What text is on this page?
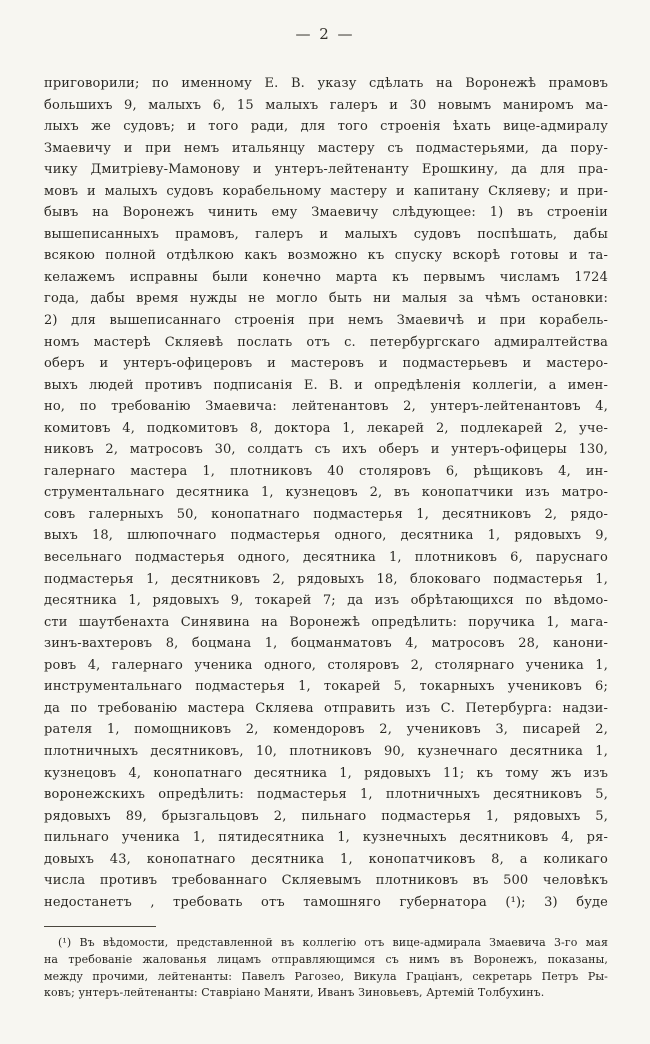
— 2 —
приговорили; по именному Е. В. указу сдѣлать на Воронежѣ прамовъ
большихъ 9, малыхъ 6, 15 малыхъ галеръ и 30 новымъ маниромъ ма-
лыхъ же судовъ; и того ради, для того строенія ѣхать вице-адмиралу
Змаевичу и при немъ итальянцу мастеру съ подмастерьями, да пору-
чику Дмитріеву-Мамонову и унтеръ-лейтенанту Ерошкину, да для пра-
мовъ и малыхъ судовъ корабельному мастеру и капитану Скляеву; и при-
бывъ на Воронежъ чинить ему Змаевичу слѣдующее: 1) въ строеніи
вышеписанныхъ прамовъ, галеръ и малыхъ судовъ поспѣшать, дабы
всякою полной отдѣлкою какъ возможно къ спуску вскорѣ готовы и та-
келажемъ исправны были конечно марта къ первымъ числамъ 1724
года, дабы время нужды не могло быть ни малыя за чѣмъ остановки:
2) для вышеписаннаго строенія при немъ Змаевичѣ и при корабель-
номъ мастерѣ Скляевѣ послать отъ с. петербургскаго адмиралтейства
оберъ и унтеръ-офицеровъ и мастеровъ и подмастерьевъ и мастеро-
выхъ людей противъ подписанія Е. В. и опредѣленія коллегіи, а имен-
но, по требованію Змаевича: лейтенантовъ 2, унтеръ-лейтенантовъ 4,
комитовъ 4, подкомитовъ 8, доктора 1, лекарей 2, подлекарей 2, уче-
никовъ 2, матросовъ 30, солдатъ съ ихъ оберъ и унтеръ-офицеры 130,
галернаго мастера 1, плотниковъ 40 столяровъ 6, рѣщиковъ 4, ин-
струментальнаго десятника 1, кузнецовъ 2, въ конопатчики изъ матро-
совъ галерныхъ 50, конопатнаго подмастерья 1, десятниковъ 2, рядо-
выхъ 18, шлюпочнаго подмастерья одного, десятника 1, рядовыхъ 9,
весельнаго подмастерья одного, десятника 1, плотниковъ 6, паруснаго
подмастерья 1, десятниковъ 2, рядовыхъ 18, блоковаго подмастерья 1,
десятника 1, рядовыхъ 9, токарей 7; да изъ обрѣтающихся по вѣдомо-
сти шаутбенахта Синявина на Воронежѣ опредѣлить: поручика 1, мага-
зинъ-вахтеровъ 8, боцмана 1, боцманматовъ 4, матросовъ 28, канони-
ровъ 4, галернаго ученика одного, столяровъ 2, столярнаго ученика 1,
инструментальнаго подмастерья 1, токарей 5, токарныхъ учениковъ 6;
да по требованію мастера Скляева отправить изъ С. Петербурга: надзи-
рателя 1, помощниковъ 2, комендоровъ 2, учениковъ 3, писарей 2,
плотничныхъ десятниковъ, 10, плотниковъ 90, кузнечнаго десятника 1,
кузнецовъ 4, конопатнаго десятника 1, рядовыхъ 11; къ тому жъ изъ
воронежскихъ опредѣлить: подмастерья 1, плотничныхъ десятниковъ 5,
рядовыхъ 89, брызгальцовъ 2, пильнаго подмастерья 1, рядовыхъ 5,
пильнаго ученика 1, пятидесятника 1, кузнечныхъ десятниковъ 4, ря-
довыхъ 43, конопатнаго десятника 1, конопатчиковъ 8, а коликаго
числа противъ требованнаго Скляевымъ плотниковъ въ 500 человѣкъ
недостанетъ , требовать отъ тамошняго губернатора (¹); 3) буде
(¹) Въ вѣдомости, представленной въ коллегію отъ вице-адмирала Змаевича 3-го мая
на требованіе жалованья лицамъ отправляющимся съ нимъ въ Воронежъ, показаны,
между прочими, лейтенанты: Павелъ Рагозео, Викула Граціанъ, секретарь Петръ Ры-
ковъ; унтеръ-лейтенанты: Ставріано Маняти, Иванъ Зиновьевъ, Артемій Толбухинъ.
